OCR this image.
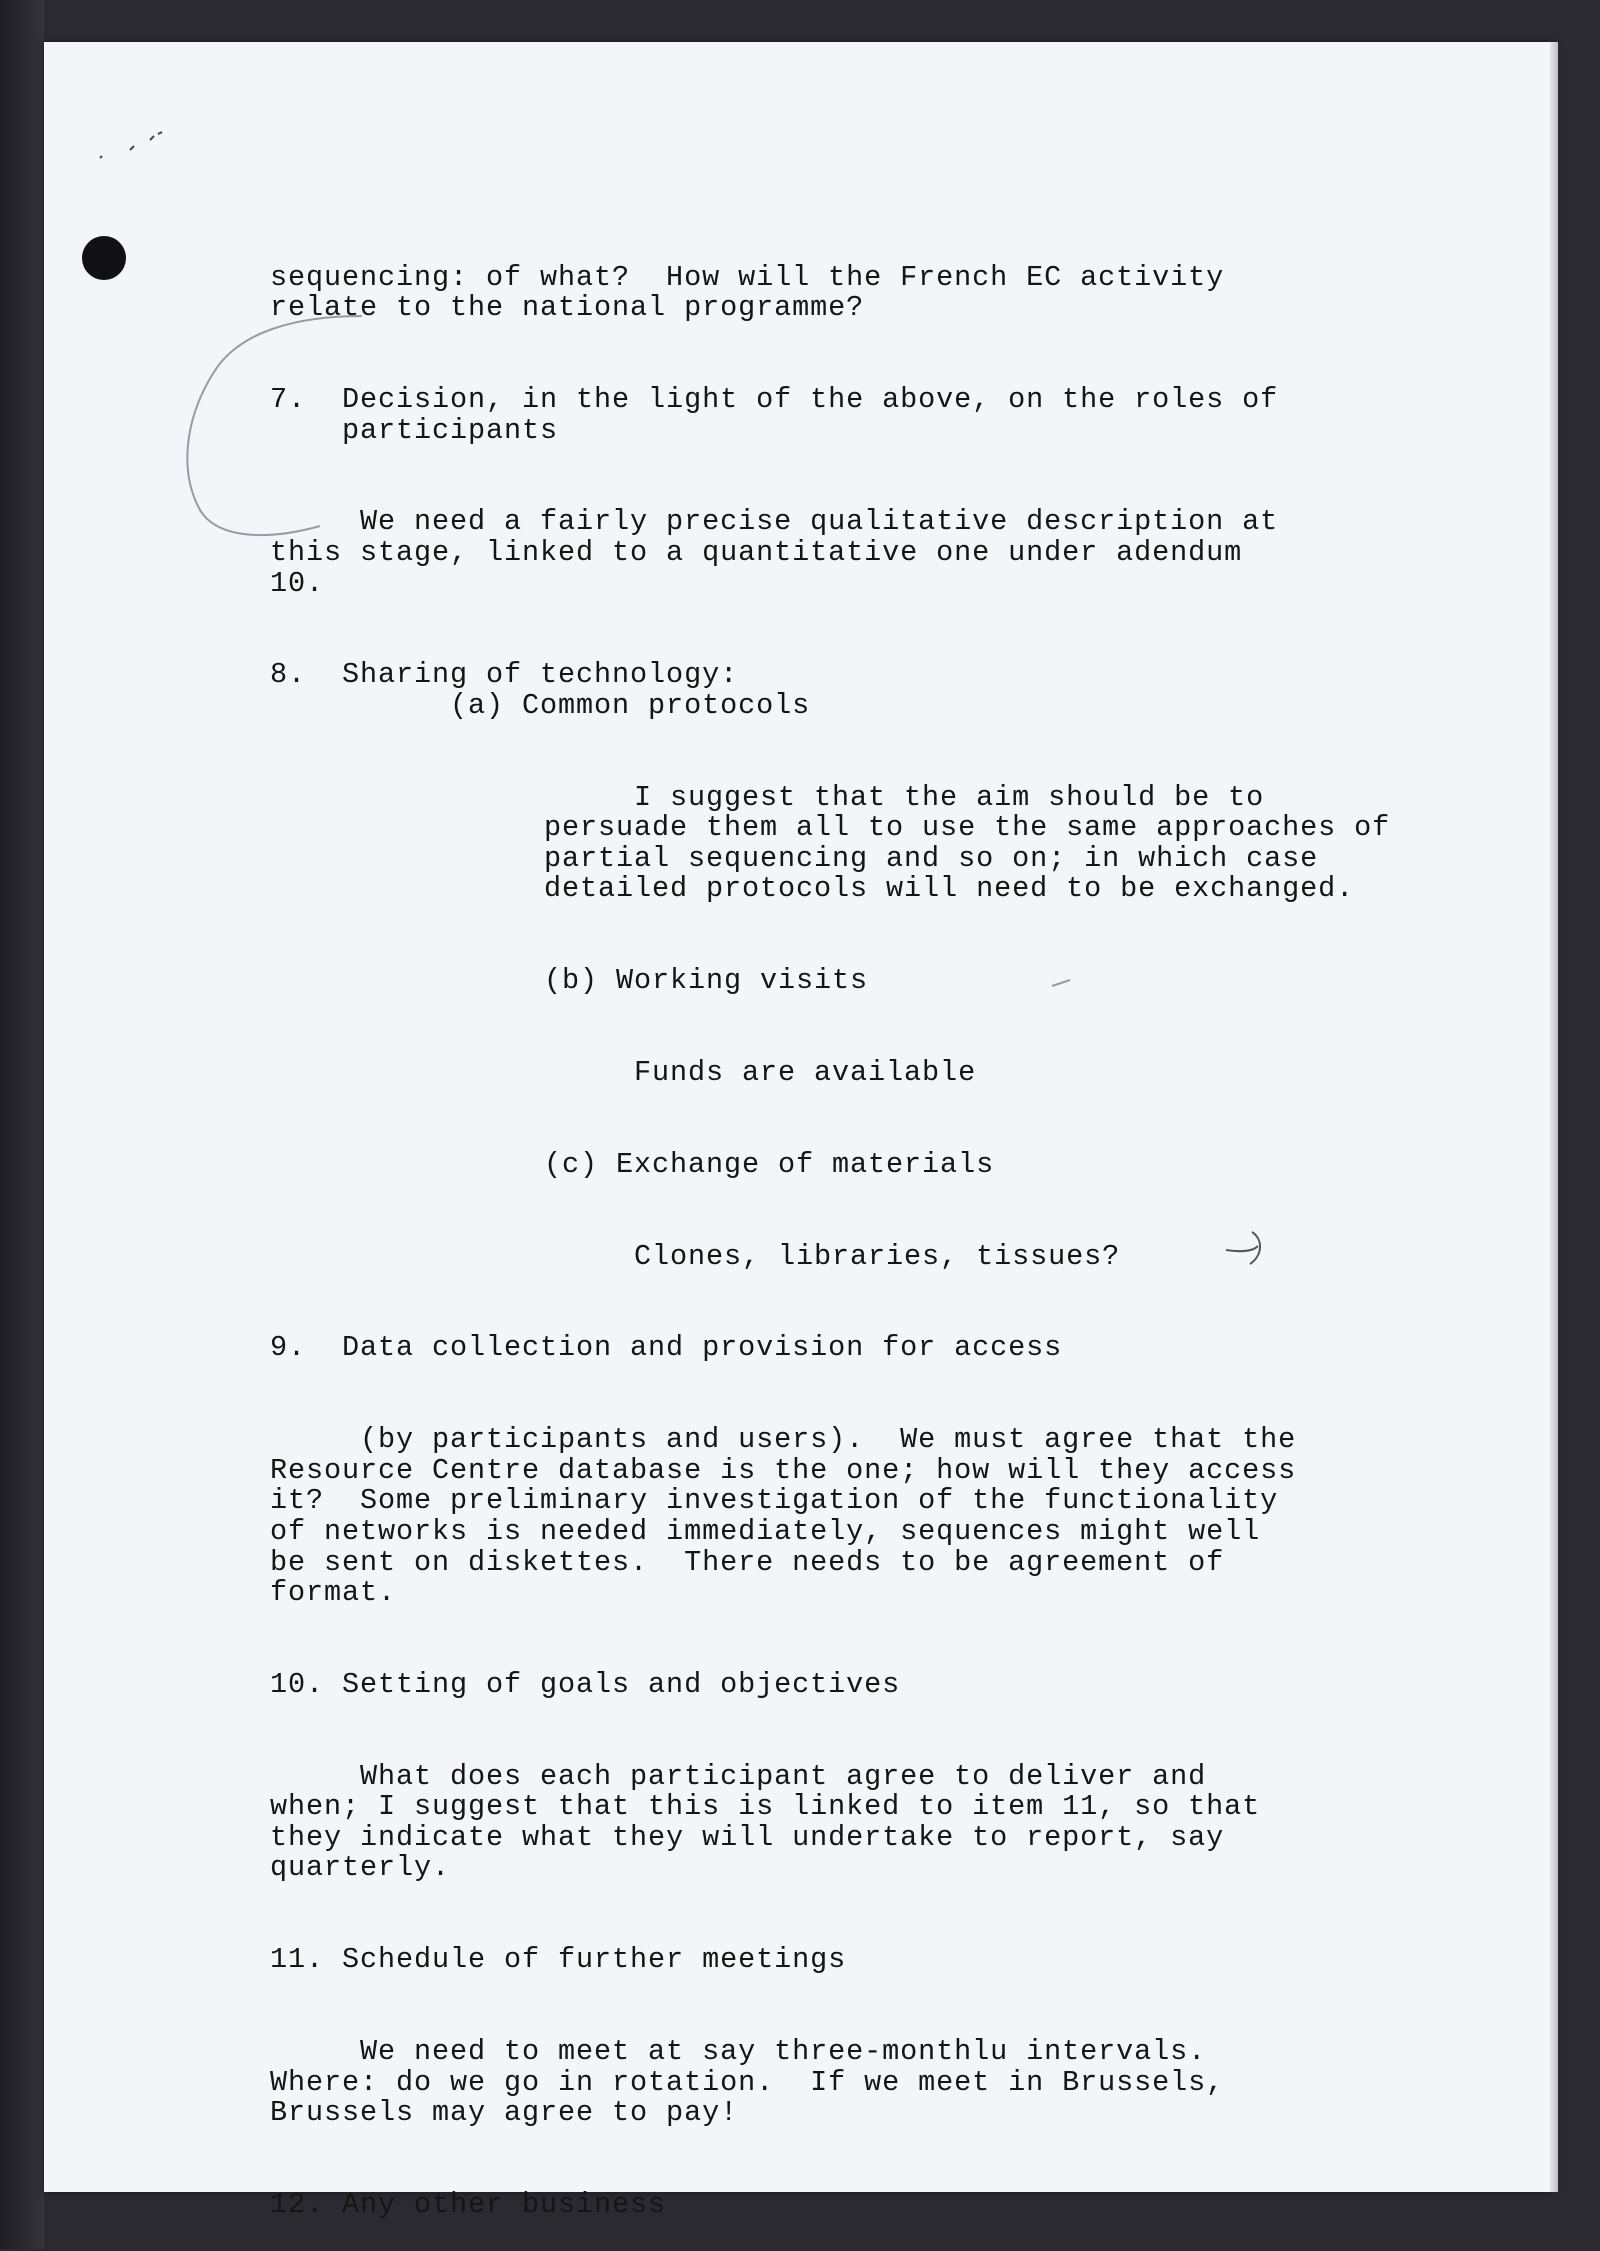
sequencing: of what?  How will the French EC activity
relate to the national programme?

7.  Decision, in the light of the above, on the roles of
participants

We need a fairly precise qualitative description at
this stage, linked to a quantitative one under adendum
10.

8.  Sharing of technology:
(a) Common protocols

I suggest that the aim should be to
persuade them all to use the same approaches of
partial sequencing and so on; in which case
detailed protocols will need to be exchanged.

(b) Working visits

Funds are available

(c) Exchange of materials

Clones, libraries, tissues?

9.  Data collection and provision for access

(by participants and users).  We must agree that the
Resource Centre database is the one; how will they access
it?  Some preliminary investigation of the functionality
of networks is needed immediately, sequences might well
be sent on diskettes.  There needs to be agreement of
format.

10. Setting of goals and objectives

What does each participant agree to deliver and
when; I suggest that this is linked to item 11, so that
they indicate what they will undertake to report, say
quarterly.

11. Schedule of further meetings

We need to meet at say three-monthlu intervals.
Where: do we go in rotation.  If we meet in Brussels,
Brussels may agree to pay!

12. Any other business
